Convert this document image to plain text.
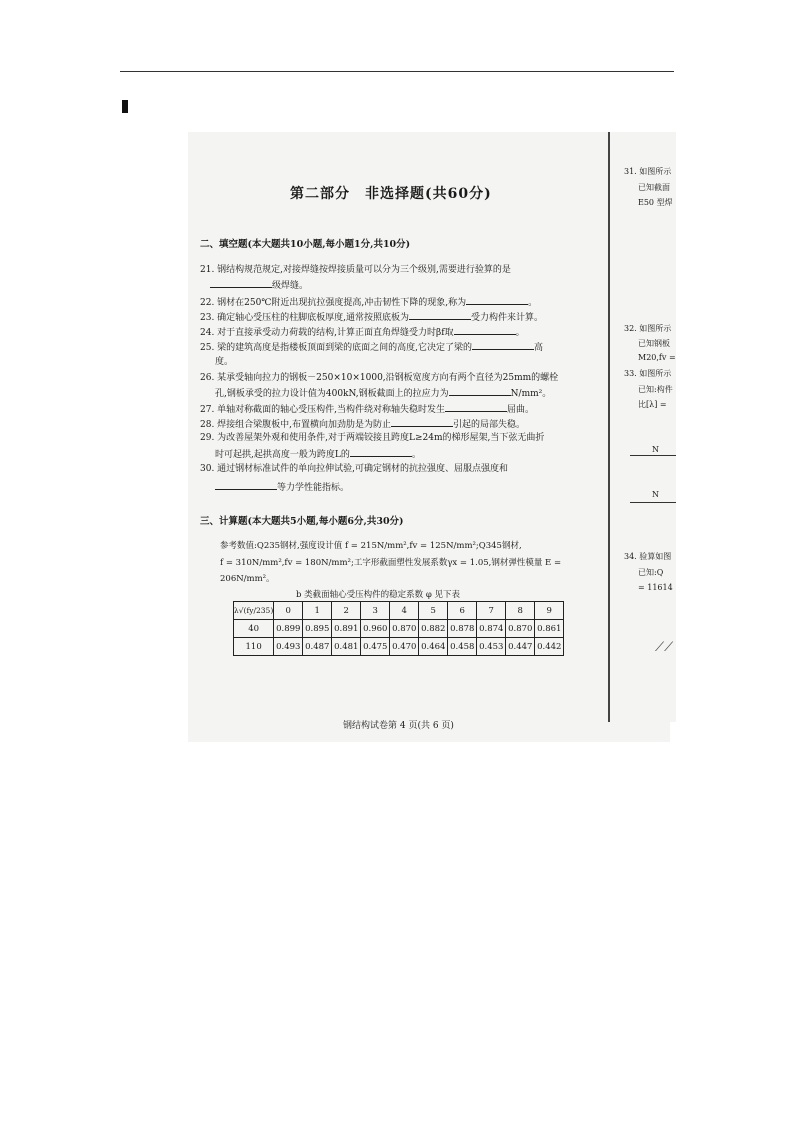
第二部分　非选择题(共60分)
二、填空题(本大题共10小题,每小题1分,共10分)
21. 钢结构规范规定,对接焊缝按焊接质量可以分为三个级别,需要进行验算的是
级焊缝。
22. 钢材在250℃附近出现抗拉强度提高,冲击韧性下降的现象,称为	。
23. 确定轴心受压柱的柱脚底板厚度,通常按照底板为	受力构件来计算。
24. 对于直接承受动力荷载的结构,计算正面直角焊缝受力时βf取	。
25. 梁的建筑高度是指楼板顶面到梁的底面之间的高度,它决定了梁的	高
度。
26. 某承受轴向拉力的钢板－250×10×1000,沿钢板宽度方向有两个直径为25mm的螺栓
孔,钢板承受的拉力设计值为400kN,钢板截面上的拉应力为	N/mm²。
27. 单轴对称截面的轴心受压构件,当构件绕对称轴失稳时发生	屈曲。
28. 焊接组合梁腹板中,布置横向加劲肋是为防止	引起的局部失稳。
29. 为改善屋架外观和使用条件,对于两端铰接且跨度L≥24m的梯形屋架,当下弦无曲折
时可起拱,起拱高度一般为跨度L的	。
30. 通过钢材标准试件的单向拉伸试验,可确定钢材的抗拉强度、屈服点强度和
等力学性能指标。
三、计算题(本大题共5小题,每小题6分,共30分)
参考数值:Q235钢材,强度设计值 f = 215N/mm²,fv = 125N/mm²;Q345钢材,
f = 310N/mm²,fv = 180N/mm²;工字形截面塑性发展系数γx = 1.05,钢材弹性模量 E =
206N/mm²。
b 类截面轴心受压构件的稳定系数 φ 见下表
λ√(fy/235)	0	1	2	3	4	5	6	7	8	9
40	0.899	0.895	0.891	0.960	0.870	0.882	0.878	0.874	0.870	0.861
110	0.493	0.487	0.481	0.475	0.470	0.464	0.458	0.453	0.447	0.442
钢结构试卷第 4 页(共 6 页)
31. 如图所示
已知截面
E50 型焊
32. 如图所示
已知钢板
M20,fv =
33. 如图所示
已知:构件
比[λ] =
N
N
34. 验算如图
已知:Q
= 11614
⟋⟋
